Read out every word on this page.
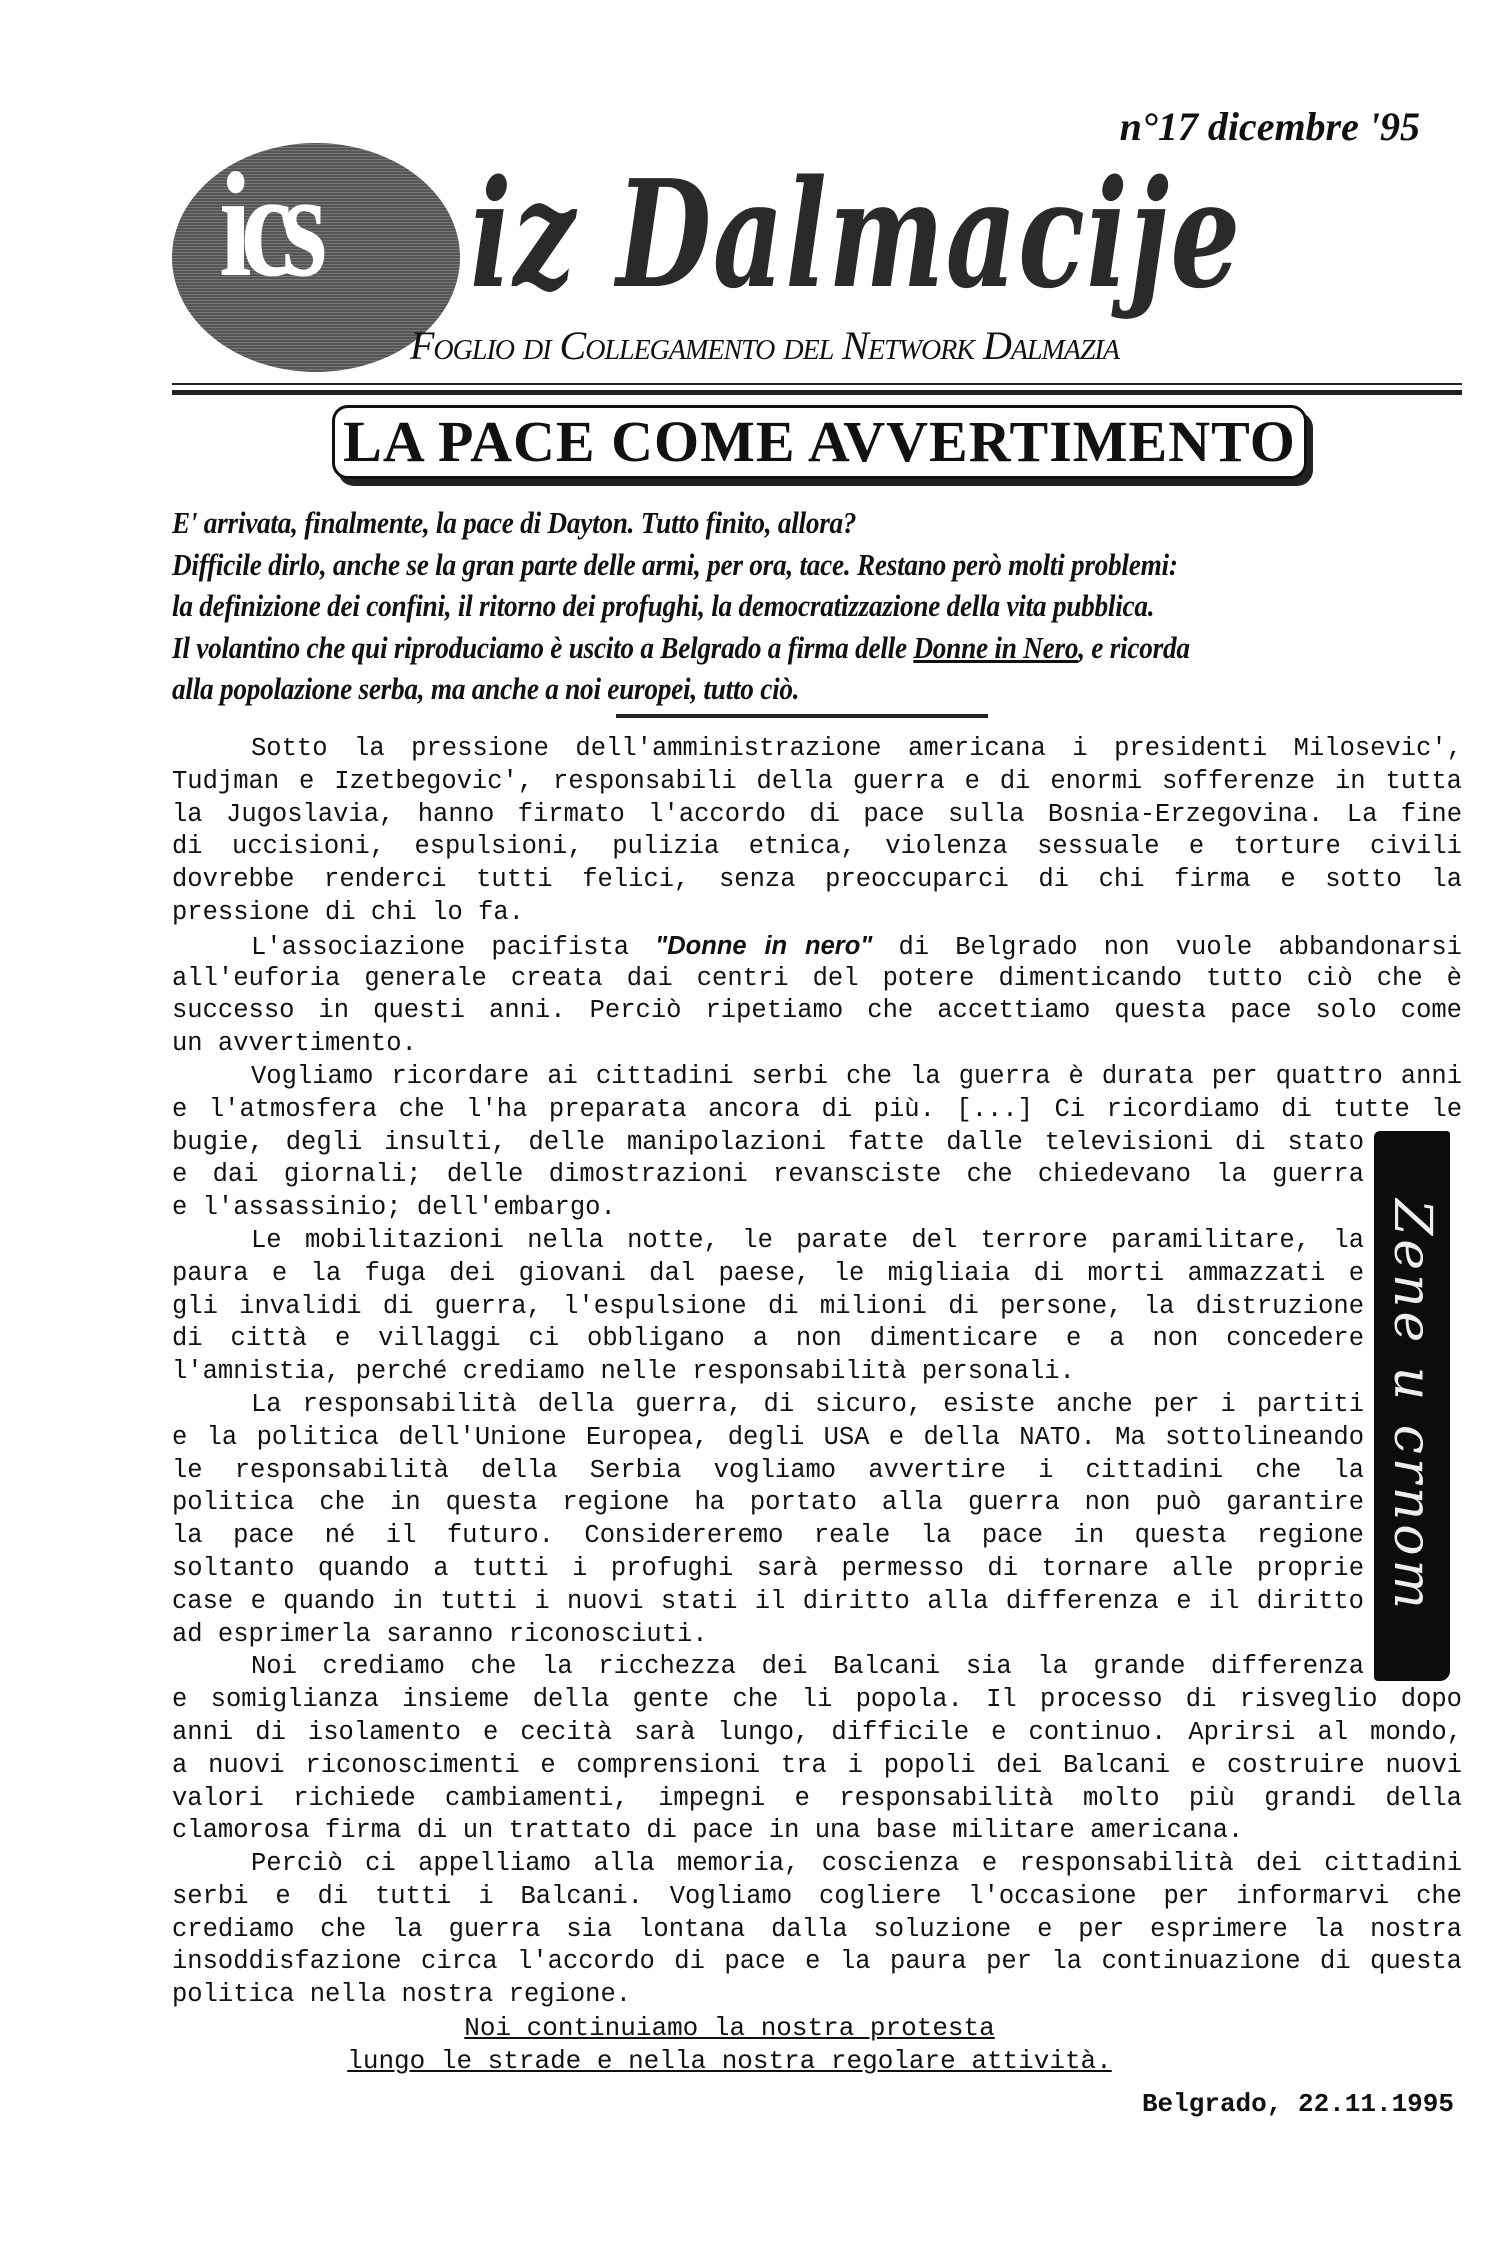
n°17 dicembre '95
ics iz Dalmacije
Foglio di Collegamento del Network Dalmazia
LA PACE COME AVVERTIMENTO
E' arrivata, finalmente, la pace di Dayton. Tutto finito, allora?
Difficile dirlo, anche se la gran parte delle armi, per ora, tace. Restano però molti problemi:
la definizione dei confini, il ritorno dei profughi, la democratizzazione della vita pubblica.
Il volantino che qui riproduciamo è uscito a Belgrado a firma delle Donne in Nero, e ricorda
alla popolazione serba, ma anche a noi europei, tutto ciò.
Sotto la pressione dell'amministrazione americana i presidenti Milosevic',
Tudjman e Izetbegovic', responsabili della guerra e di enormi sofferenze in tutta
la Jugoslavia, hanno firmato l'accordo di pace sulla Bosnia-Erzegovina. La fine
di uccisioni, espulsioni, pulizia etnica, violenza sessuale e torture civili
dovrebbe renderci tutti felici, senza preoccuparci di chi firma e sotto la
pressione di chi lo fa.
L'associazione pacifista "Donne in nero" di Belgrado non vuole abbandonarsi
all'euforia generale creata dai centri del potere dimenticando tutto ciò che è
successo in questi anni. Perciò ripetiamo che accettiamo questa pace solo come
un avvertimento.
Vogliamo ricordare ai cittadini serbi che la guerra è durata per quattro anni
e l'atmosfera che l'ha preparata ancora di più. [...] Ci ricordiamo di tutte le
bugie, degli insulti, delle manipolazioni fatte dalle televisioni di stato
e dai giornali; delle dimostrazioni revansciste che chiedevano la guerra
e l'assassinio; dell'embargo.
Le mobilitazioni nella notte, le parate del terrore paramilitare, la
paura e la fuga dei giovani dal paese, le migliaia di morti ammazzati e
gli invalidi di guerra, l'espulsione di milioni di persone, la distruzione
di città e villaggi ci obbligano a non dimenticare e a non concedere
l'amnistia, perché crediamo nelle responsabilità personali.
La responsabilità della guerra, di sicuro, esiste anche per i partiti
e la politica dell'Unione Europea, degli USA e della NATO. Ma sottolineando
le responsabilità della Serbia vogliamo avvertire i cittadini che la
politica che in questa regione ha portato alla guerra non può garantire
la pace né il futuro. Considereremo reale la pace in questa regione
soltanto quando a tutti i profughi sarà permesso di tornare alle proprie
case e quando in tutti i nuovi stati il diritto alla differenza e il diritto
ad esprimerla saranno riconosciuti.
Noi crediamo che la ricchezza dei Balcani sia la grande differenza
e somiglianza insieme della gente che li popola. Il processo di risveglio dopo
anni di isolamento e cecità sarà lungo, difficile e continuo. Aprirsi al mondo,
a nuovi riconoscimenti e comprensioni tra i popoli dei Balcani e costruire nuovi
valori richiede cambiamenti, impegni e responsabilità molto più grandi della
clamorosa firma di un trattato di pace in una base militare americana.
Perciò ci appelliamo alla memoria, coscienza e responsabilità dei cittadini
serbi e di tutti i Balcani. Vogliamo cogliere l'occasione per informarvi che
crediamo che la guerra sia lontana dalla soluzione e per esprimere la nostra
insoddisfazione circa l'accordo di pace e la paura per la continuazione di questa
politica nella nostra regione.
Zene u crnom
Noi continuiamo la nostra protesta
lungo le strade e nella nostra regolare attività.
Belgrado, 22.11.1995
